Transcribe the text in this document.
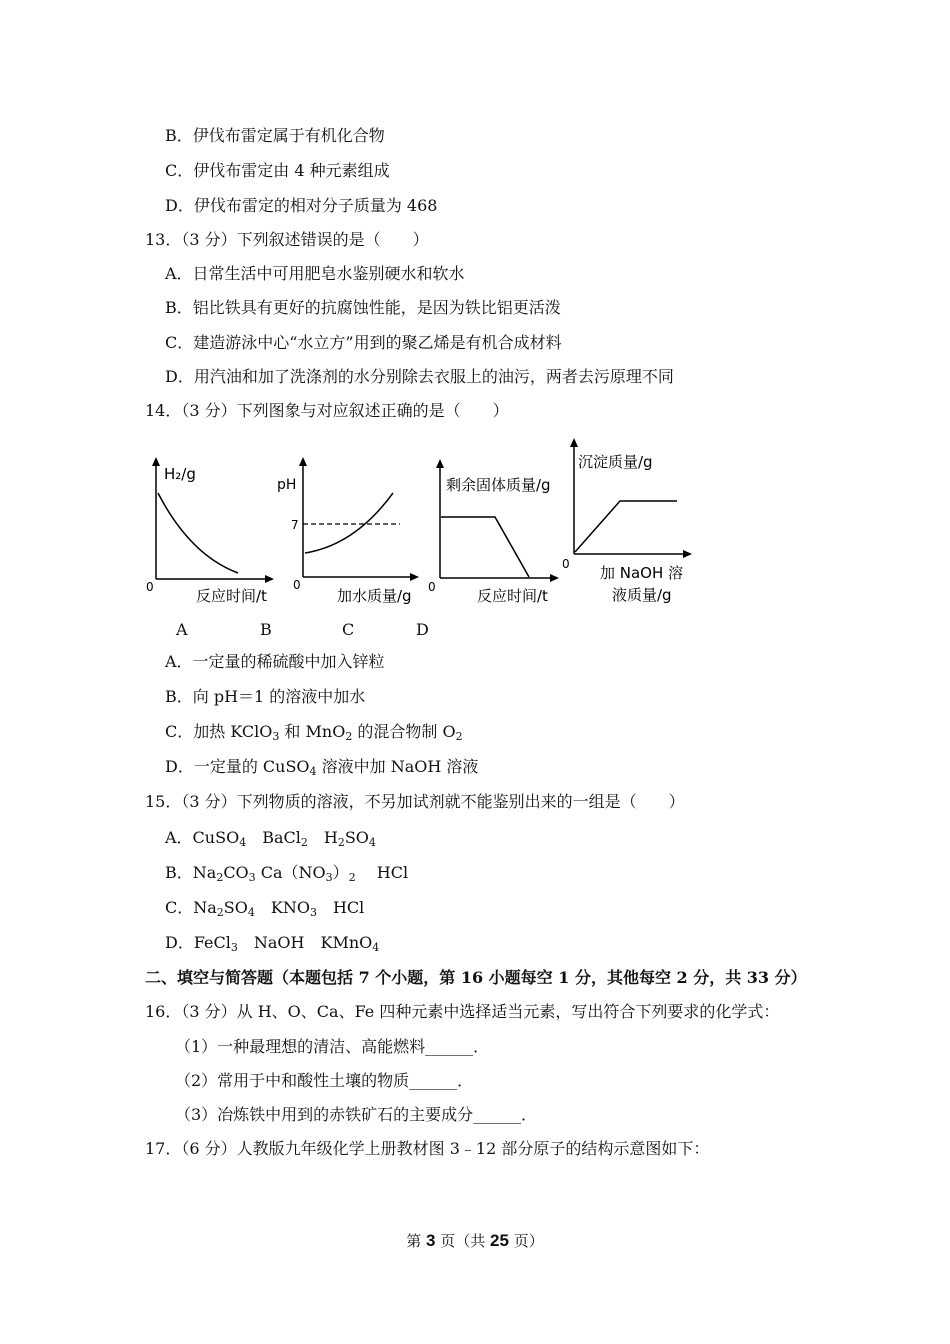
B．伊伐布雷定属于有机化合物
C．伊伐布雷定由 4 种元素组成
D．伊伐布雷定的相对分子质量为 468
13．（3 分）下列叙述错误的是（　　）
A．日常生活中可用肥皂水鉴别硬水和软水
B．铝比铁具有更好的抗腐蚀性能，是因为铁比铝更活泼
C．建造游泳中心“水立方”用到的聚乙烯是有机合成材料
D．用汽油和加了洗涤剂的水分别除去衣服上的油污，两者去污原理不同
14．（3 分）下列图象与对应叙述正确的是（　　）
H₂/g
0	反应时间/t
pH
7
0
加水质量/g
剩余固体质量/g
0	反应时间/t
沉淀质量/g
0 加 NaOH 溶
液质量/g
A	B	C	D
A．一定量的稀硫酸中加入锌粒
B．向 pH＝1 的溶液中加水
C．加热 KClO$_3$ 和 MnO$_2$ 的混合物制 $O_2$
D．一定量的 CuSO$_4$ 溶液中加 NaOH 溶液
15．（3 分）下列物质的溶液，不另加试剂就不能鉴别出来的一组是（　　）
A．CuSO$_4$　BaCl$_2$　$H_2SO_4$
B．$Na_2CO_3$ $Ca(NO_3)_2$　 HCl
C．$Na_2SO_4$　$KNO_3$　HCl
D．FeCl$_3$　NaOH　KMnO$_4$
二、填空与简答题（本题包括 7 个小题，第 16 小题每空 1 分，其他每空 2 分，共 33 分）
16．（3 分）从 H、O、Ca、Fe 四种元素中选择适当元素，写出符合下列要求的化学式：
（1）一种最理想的清洁、高能燃料______．
（2）常用于中和酸性土壤的物质______．
（3）冶炼铁中用到的赤铁矿石的主要成分______．
17．（6 分）人教版九年级化学上册教材图 3﹣12 部分原子的结构示意图如下：
第 3 页（共 25 页）
